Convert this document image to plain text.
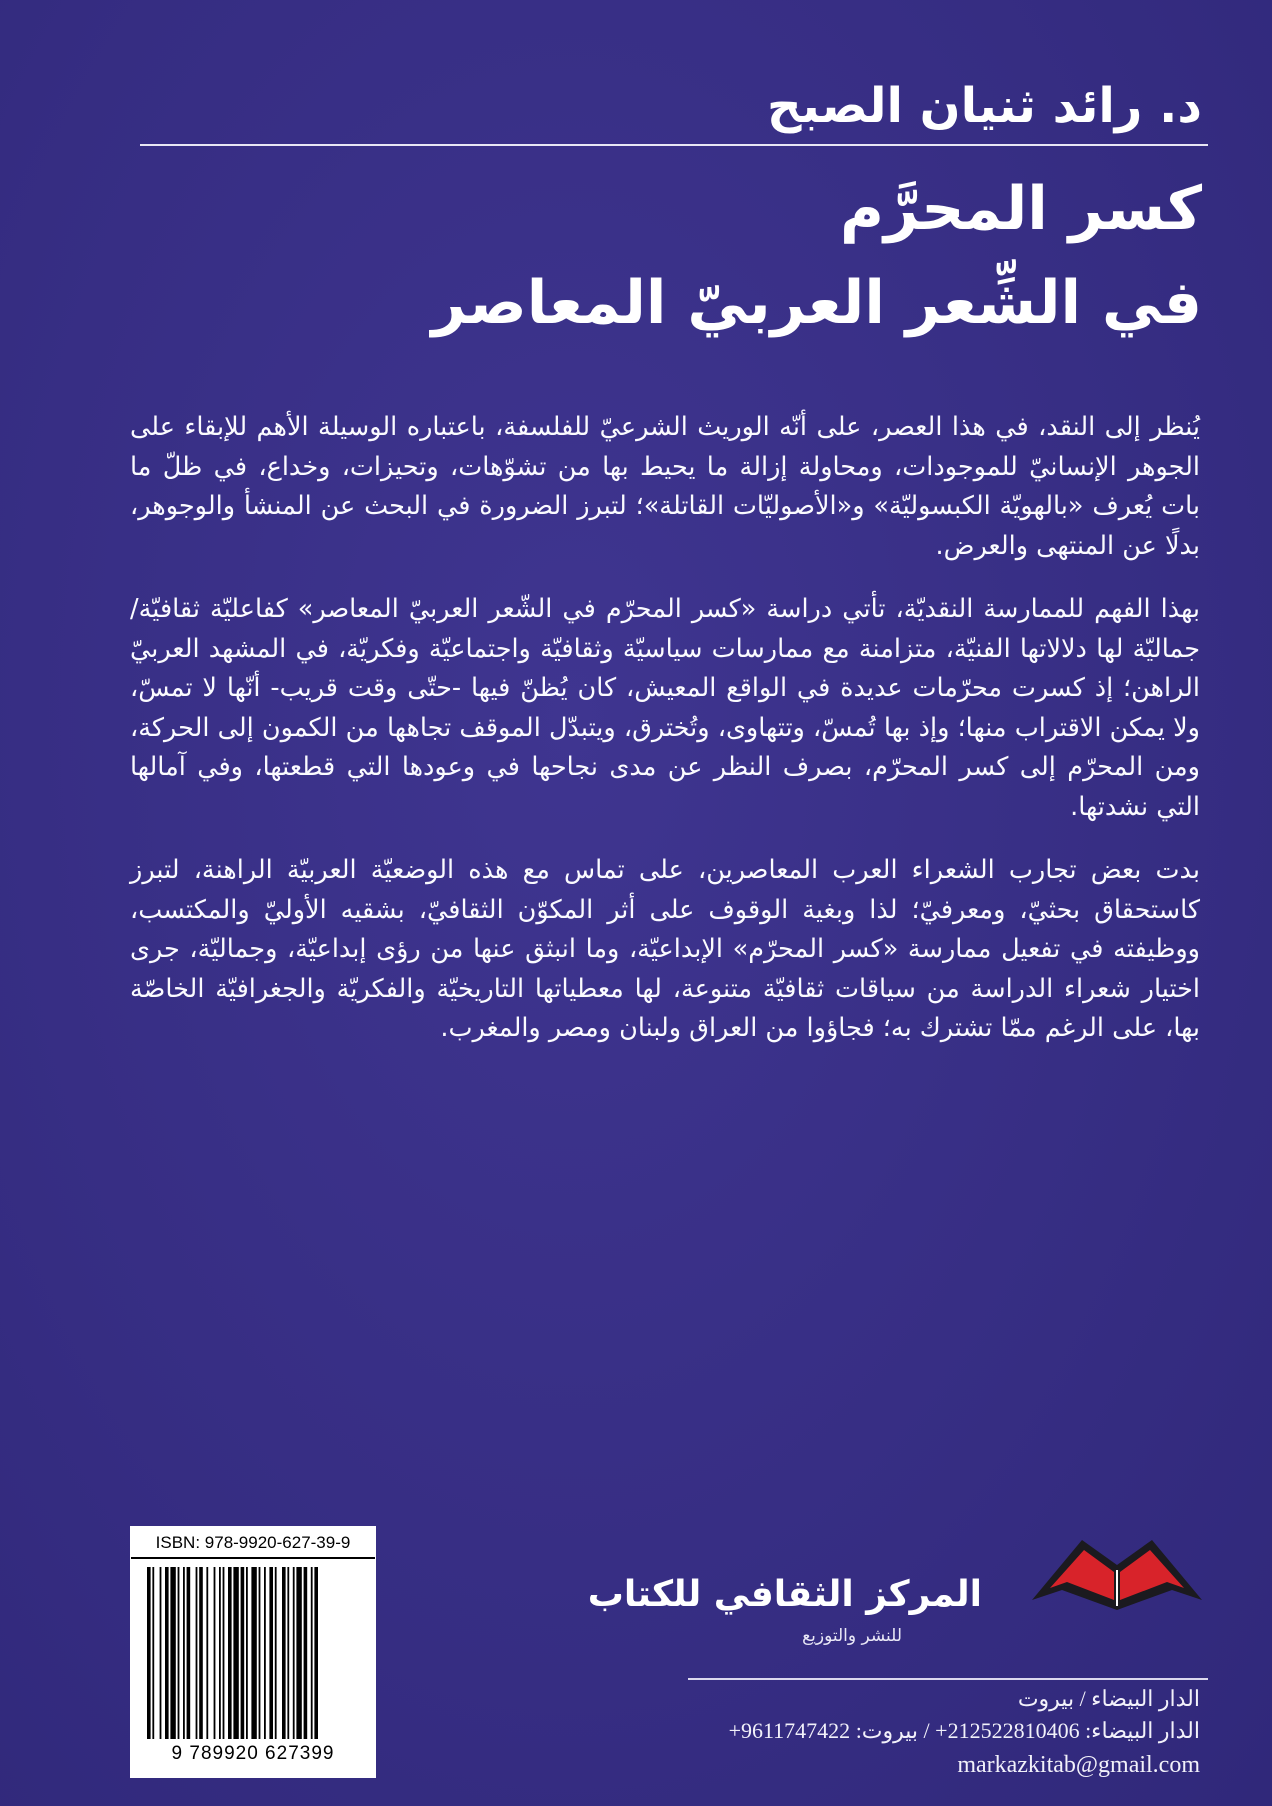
د. رائد ثنيان الصبح
كسر المحرَّم
في الشِّعر العربيّ المعاصر

يُنظر إلى النقد، في هذا العصر، على أنّه الوريث الشرعيّ للفلسفة، باعتباره الوسيلة الأهم للإبقاء على الجوهر الإنسانيّ للموجودات، ومحاولة إزالة ما يحيط بها من تشوّهات، وتحيزات، وخداع، في ظلّ ما بات يُعرف «بالهويّة الكبسوليّة» و«الأصوليّات القاتلة»؛ لتبرز الضرورة في البحث عن المنشأ والوجوهر، بدلًا عن المنتهى والعرض.

بهذا الفهم للممارسة النقديّة، تأتي دراسة «كسر المحرّم في الشّعر العربيّ المعاصر» كفاعليّة ثقافيّة/جماليّة لها دلالاتها الفنيّة، متزامنة مع ممارسات سياسيّة وثقافيّة واجتماعيّة وفكريّة، في المشهد العربيّ الراهن؛ إذ كسرت محرّمات عديدة في الواقع المعيش، كان يُظنّ فيها -حتّى وقت قريب- أنّها لا تمسّ، ولا يمكن الاقتراب منها؛ وإذ بها تُمسّ، وتتهاوى، وتُخترق، ويتبدّل الموقف تجاهها من الكمون إلى الحركة، ومن المحرّم إلى كسر المحرّم، بصرف النظر عن مدى نجاحها في وعودها التي قطعتها، وفي آمالها التي نشدتها.

بدت بعض تجارب الشعراء العرب المعاصرين، على تماس مع هذه الوضعيّة العربيّة الراهنة، لتبرز كاستحقاق بحثيّ، ومعرفيّ؛ لذا وبغية الوقوف على أثر المكوّن الثقافيّ، بشقيه الأوليّ والمكتسب، ووظيفته في تفعيل ممارسة «كسر المحرّم» الإبداعيّة، وما انبثق عنها من رؤى إبداعيّة، وجماليّة، جرى اختيار شعراء الدراسة من سياقات ثقافيّة متنوعة، لها معطياتها التاريخيّة والفكريّة والجغرافيّة الخاصّة بها، على الرغم ممّا تشترك به؛ فجاؤوا من العراق ولبنان ومصر والمغرب.

المركز الثقافي للكتاب
للنشر والتوزيع
الدار البيضاء / بيروت
الدار البيضاء: 212522810406+ / بيروت: 9611747422+
markazkitab@gmail.com
ISBN: 978-9920-627-39-9
9 789920 627399
